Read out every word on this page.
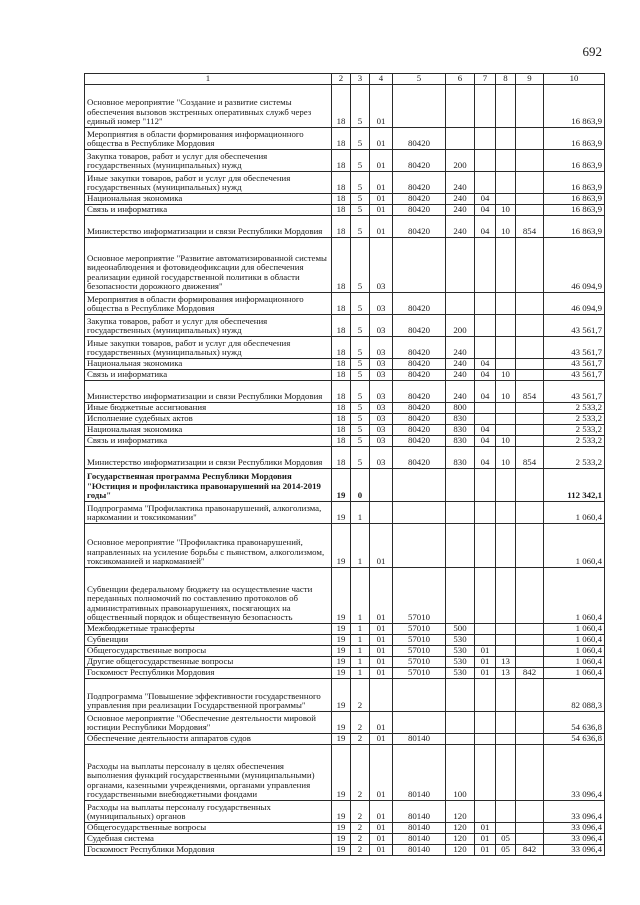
692
1	2	3	4	5	6	7	8	9	10
Основное мероприятие "Создание и развитие системы обеспечения вызовов экстренных оперативных служб через единый номер "112"	18	5	01						16 863,9
Мероприятия в области формирования информационного общества в Республике Мордовия	18	5	01	80420					16 863,9
Закупка товаров, работ и услуг для обеспечения государственных (муниципальных) нужд	18	5	01	80420	200				16 863,9
Иные закупки товаров, работ и услуг для обеспечения государственных (муниципальных) нужд	18	5	01	80420	240				16 863,9
Национальная экономика	18	5	01	80420	240	04			16 863,9
Связь и информатика	18	5	01	80420	240	04	10		16 863,9
Министерство информатизации и связи Республики Мордовия	18	5	01	80420	240	04	10	854	16 863,9
Основное мероприятие "Развитие автоматизированной системы видеонаблюдения и фотовидеофиксации для обеспечения реализации единой государственной политики в области безопасности дорожного движения"	18	5	03						46 094,9
Мероприятия в области формирования информационного общества в Республике Мордовия	18	5	03	80420					46 094,9
Закупка товаров, работ и услуг для обеспечения государственных (муниципальных) нужд	18	5	03	80420	200				43 561,7
Иные закупки товаров, работ и услуг для обеспечения государственных (муниципальных) нужд	18	5	03	80420	240				43 561,7
Национальная экономика	18	5	03	80420	240	04			43 561,7
Связь и информатика	18	5	03	80420	240	04	10		43 561,7
Министерство информатизации и связи Республики Мордовия	18	5	03	80420	240	04	10	854	43 561,7
Иные бюджетные ассигнования	18	5	03	80420	800				2 533,2
Исполнение судебных актов	18	5	03	80420	830				2 533,2
Национальная экономика	18	5	03	80420	830	04			2 533,2
Связь и информатика	18	5	03	80420	830	04	10		2 533,2
Министерство информатизации и связи Республики Мордовия	18	5	03	80420	830	04	10	854	2 533,2
Государственная программа Республики Мордовия "Юстиция и профилактика правонарушений на 2014-2019 годы"	19	0							112 342,1
Подпрограмма "Профилактика правонарушений, алкоголизма, наркомании и токсикомании"	19	1							1 060,4
Основное мероприятие "Профилактика правонарушений, направленных на усиление борьбы с пьянством, алкоголизмом, токсикоманией и наркоманией"	19	1	01						1 060,4
Субвенции федеральному бюджету на осуществление части переданных полномочий по составлению протоколов об административных правонарушениях, посягающих на общественный порядок и общественную безопасность	19	1	01	57010					1 060,4
Межбюджетные трансферты	19	1	01	57010	500				1 060,4
Субвенции	19	1	01	57010	530				1 060,4
Общегосударственные вопросы	19	1	01	57010	530	01			1 060,4
Другие общегосударственные вопросы	19	1	01	57010	530	01	13		1 060,4
Госкомюст Республики Мордовия	19	1	01	57010	530	01	13	842	1 060,4
Подпрограмма "Повышение эффективности государственного управления при реализации Государственной программы"	19	2							82 088,3
Основное мероприятие "Обеспечение деятельности мировой юстиции Республики Мордовия"	19	2	01						54 636,8
Обеспечение деятельности аппаратов судов	19	2	01	80140					54 636,8
Расходы на выплаты персоналу в целях обеспечения выполнения функций государственными (муниципальными) органами, казенными учреждениями, органами управления государственными внебюджетными фондами	19	2	01	80140	100				33 096,4
Расходы на выплаты персоналу государственных (муниципальных) органов	19	2	01	80140	120				33 096,4
Общегосударственные вопросы	19	2	01	80140	120	01			33 096,4
Судебная система	19	2	01	80140	120	01	05		33 096,4
Госкомюст Республики Мордовия	19	2	01	80140	120	01	05	842	33 096,4
